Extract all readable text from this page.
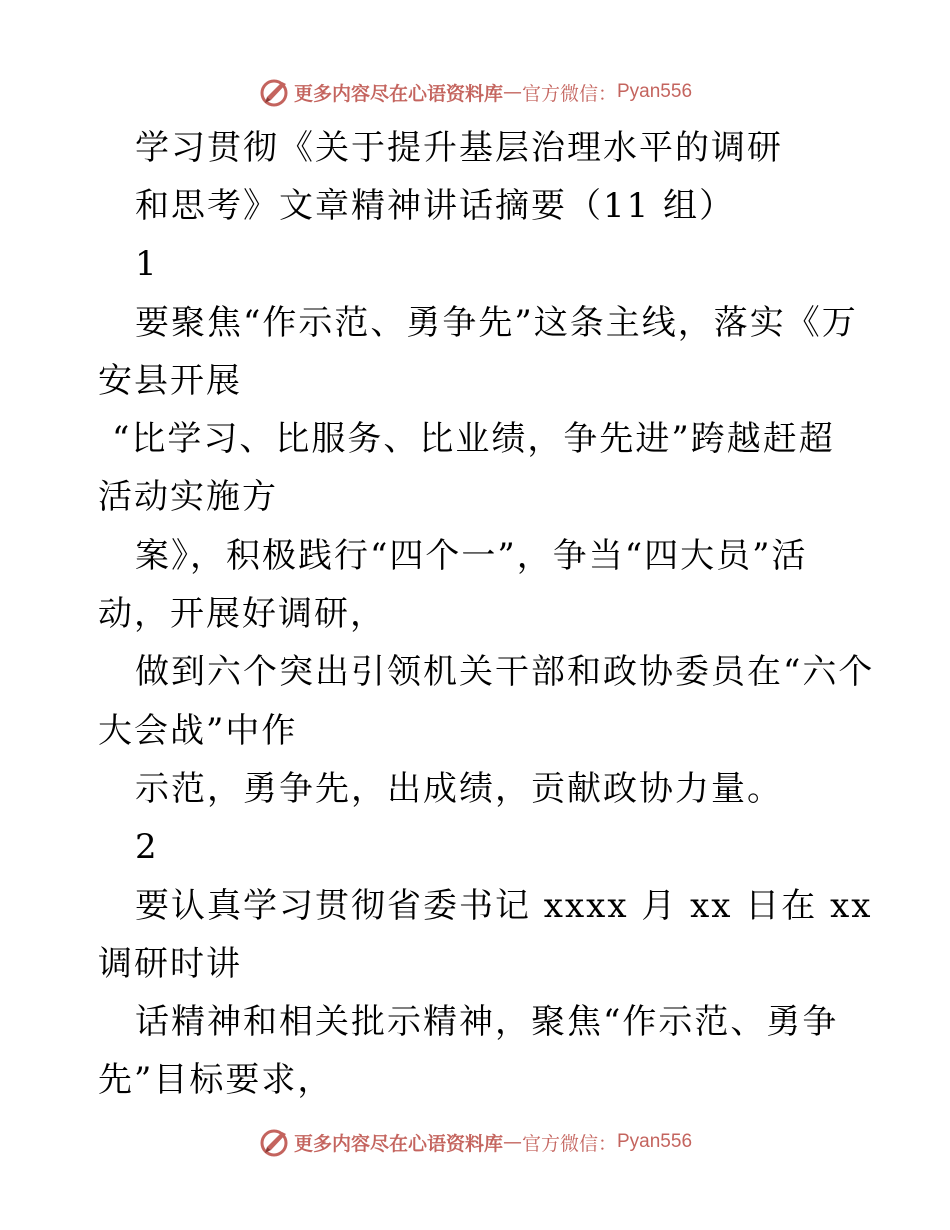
更多内容尽在心语资料库 — 官方微信： Pyan556
学习贯彻《关于提升基层治理水平的调研
和思考》文章精神讲话摘要（11 组）
1
要聚焦“作示范、勇争先”这条主线，落实《万
安县开展
“比学习、比服务、比业绩，争先进”跨越赶超
活动实施方
案》，积极践行“四个一”，争当“四大员”活
动，开展好调研，
做到六个突出引领机关干部和政协委员在“六个
大会战”中作
示范，勇争先，出成绩，贡献政协力量。
2
要认真学习贯彻省委书记 xxxx 月 xx 日在 xx
调研时讲
话精神和相关批示精神，聚焦“作示范、勇争
先”目标要求，
更多内容尽在心语资料库 — 官方微信： Pyan556
